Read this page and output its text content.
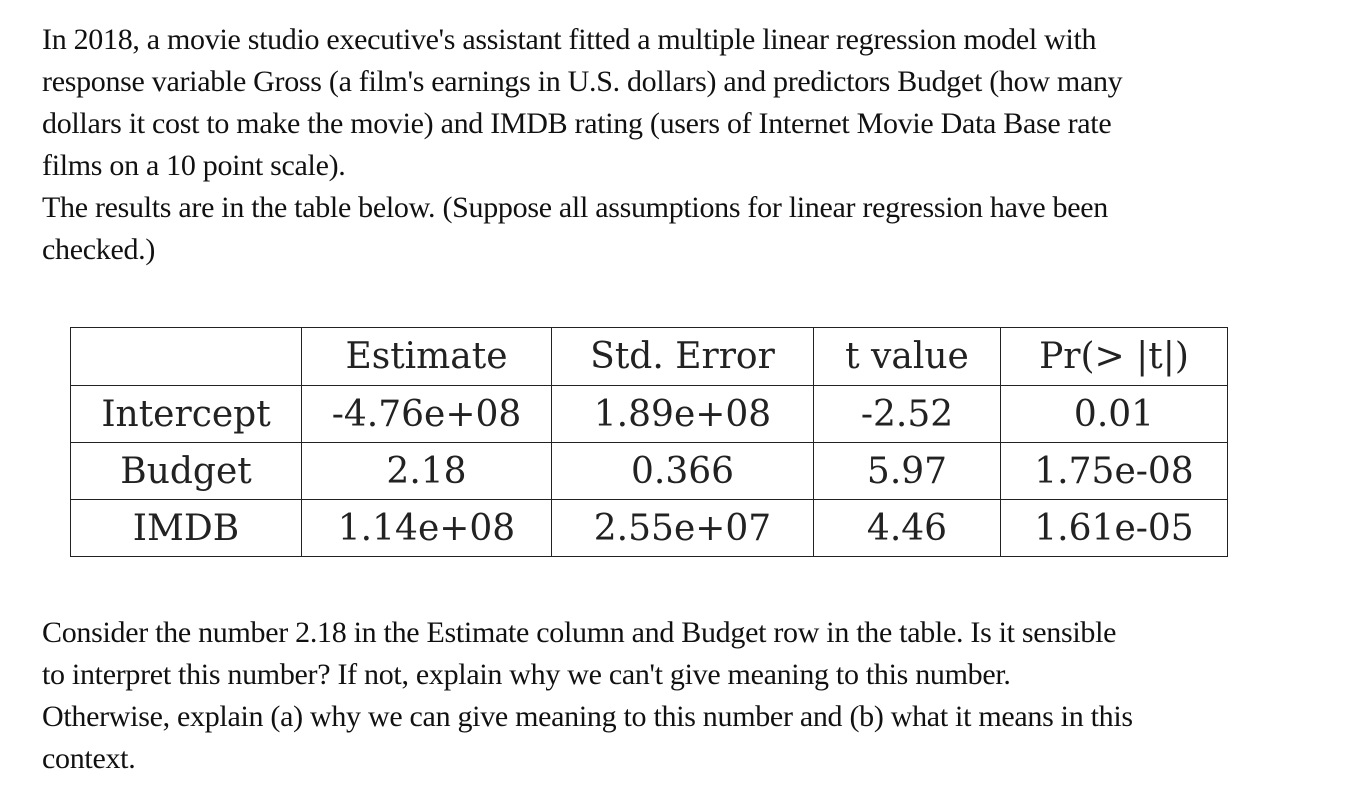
In 2018, a movie studio executive's assistant fitted a multiple linear regression model with
response variable Gross (a film's earnings in U.S. dollars) and predictors Budget (how many
dollars it cost to make the movie) and IMDB rating (users of Internet Movie Data Base rate
films on a 10 point scale).
The results are in the table below. (Suppose all assumptions for linear regression have been
checked.)
	Estimate	Std. Error	t value	Pr(> |t|)
Intercept	-4.76e+08	1.89e+08	-2.52	0.01
Budget	2.18	0.366	5.97	1.75e-08
IMDB	1.14e+08	2.55e+07	4.46	1.61e-05
Consider the number 2.18 in the Estimate column and Budget row in the table. Is it sensible
to interpret this number? If not, explain why we can't give meaning to this number.
Otherwise, explain (a) why we can give meaning to this number and (b) what it means in this
context.
